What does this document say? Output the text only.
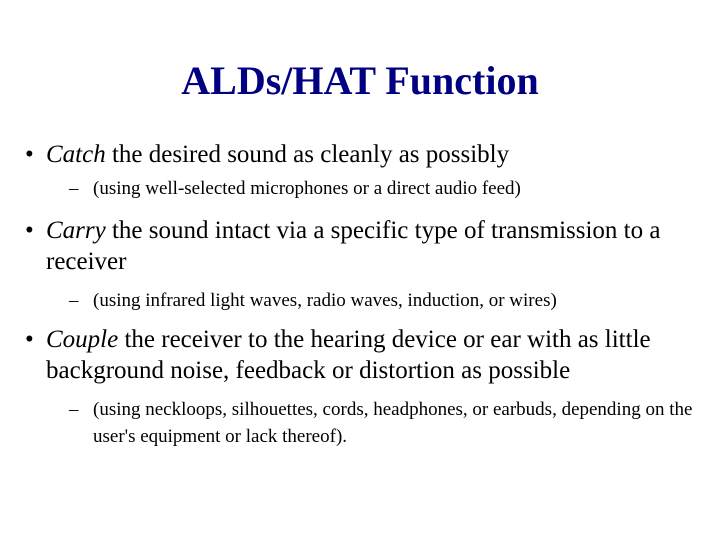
ALDs/HAT Function
• Catch the desired sound as cleanly as possibly
– (using well-selected microphones or a direct audio feed)
• Carry the sound intact via a specific type of transmission to a receiver
– (using infrared light waves, radio waves, induction, or wires)
• Couple the receiver to the hearing device or ear with as little background noise, feedback or distortion as possible
– (using neckloops, silhouettes, cords, headphones, or earbuds, depending on the user's equipment or lack thereof).
